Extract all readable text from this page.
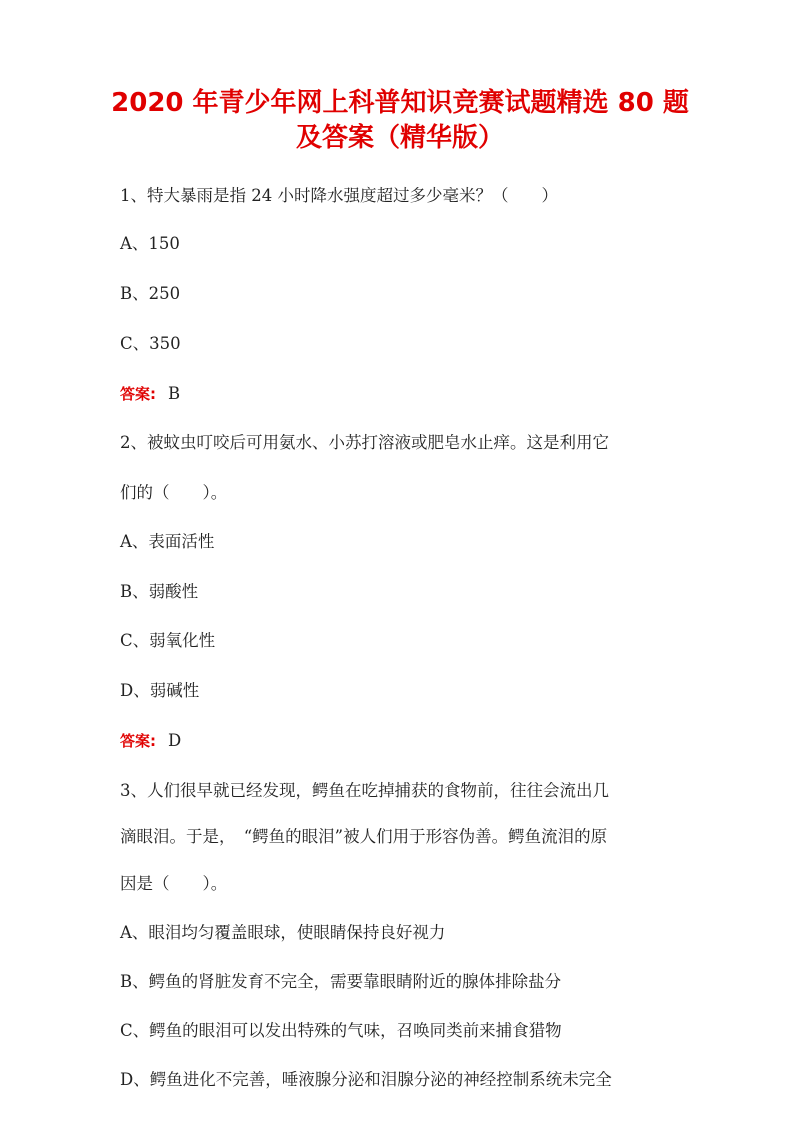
2020 年青少年网上科普知识竞赛试题精选 80 题
及答案（精华版）
1、特大暴雨是指 24 小时降水强度超过多少毫米？（　　）
A、150
B、250
C、350
答案: B
2、被蚊虫叮咬后可用氨水、小苏打溶液或肥皂水止痒。这是利用它
们的（　　）。
A、表面活性
B、弱酸性
C、弱氧化性
D、弱碱性
答案: D
3、人们很早就已经发现，鳄鱼在吃掉捕获的食物前，往往会流出几
滴眼泪。于是，　“鳄鱼的眼泪”被人们用于形容伪善。鳄鱼流泪的原
因是（　　）。
A、眼泪均匀覆盖眼球，使眼睛保持良好视力
B、鳄鱼的肾脏发育不完全，需要靠眼睛附近的腺体排除盐分
C、鳄鱼的眼泪可以发出特殊的气味，召唤同类前来捕食猎物
D、鳄鱼进化不完善，唾液腺分泌和泪腺分泌的神经控制系统未完全
